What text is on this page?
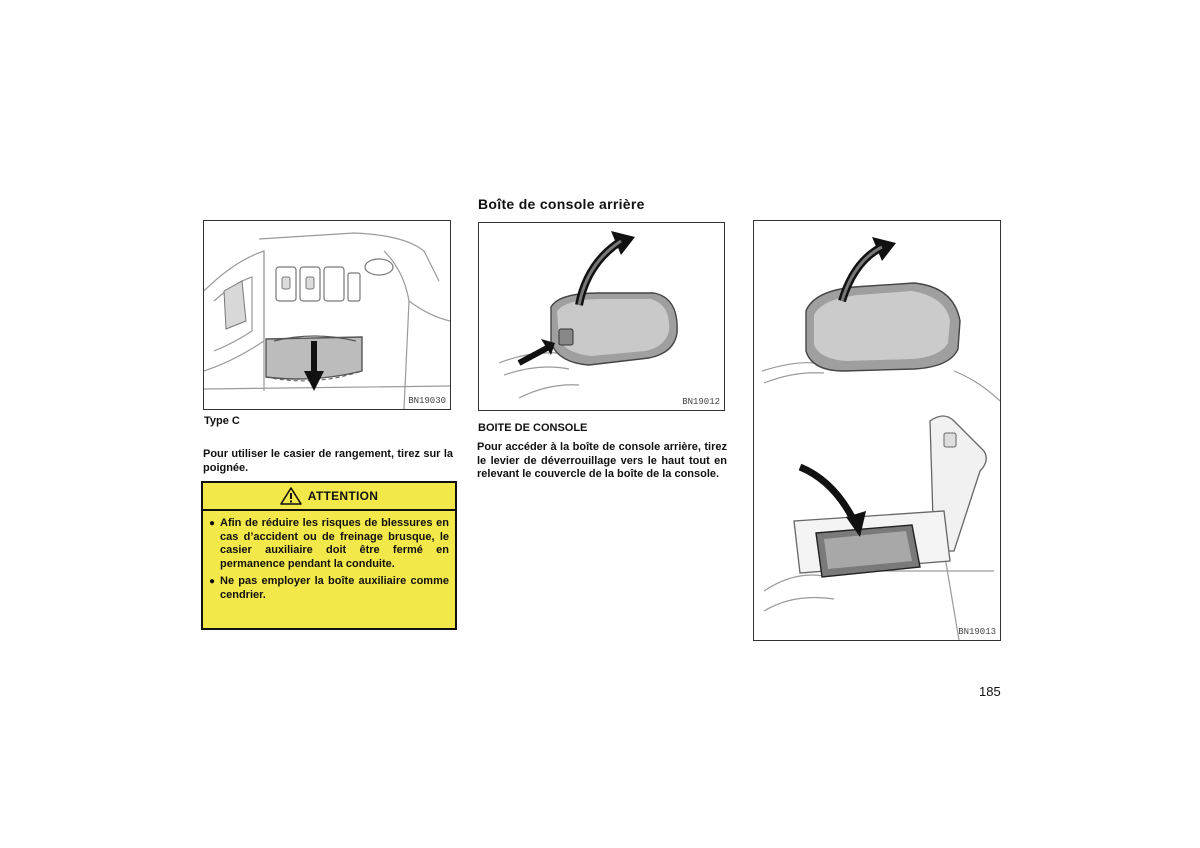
BN19030
Type C
Pour utiliser le casier de rangement, tirez sur la poignée.
ATTENTION
● Afin de réduire les risques de blessures en cas d’accident ou de freinage brusque, le casier auxiliaire doit être fermé en permanence pendant la conduite.
● Ne pas employer la boîte auxiliaire comme cendrier.
Boîte de console arrière
BN19012
BOITE DE CONSOLE
Pour accéder à la boîte de console arrière, tirez le levier de déverrouillage vers le haut tout en relevant le couvercle de la boîte de la console.
BN19013
185
